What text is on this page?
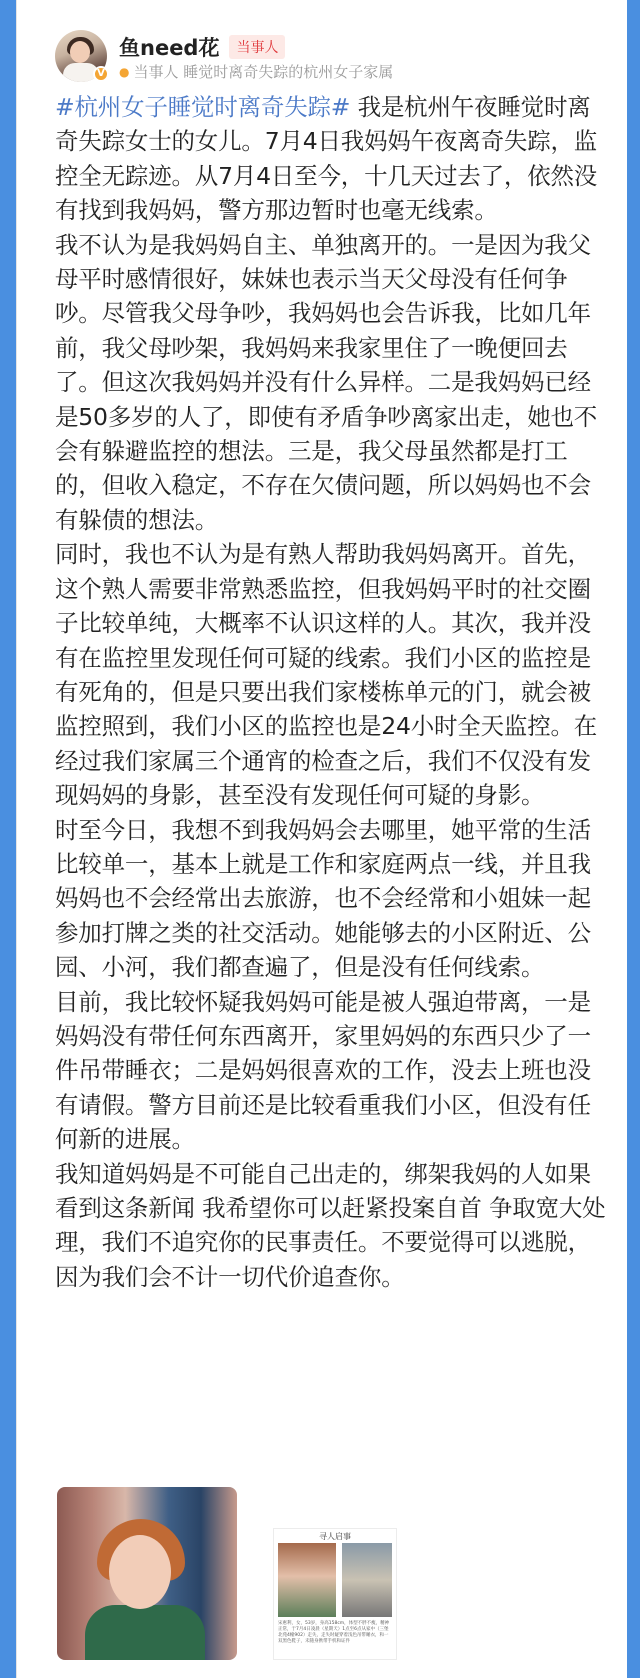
V
鱼need花	当事人
● 当事人 睡觉时离奇失踪的杭州女子家属

#杭州女子睡觉时离奇失踪# 我是杭州午夜睡觉时离奇失踪女士的女儿。7月4日我妈妈午夜离奇失踪，监控全无踪迹。从7月4日至今，十几天过去了，依然没有找到我妈妈，警方那边暂时也毫无线索。

我不认为是我妈妈自主、单独离开的。一是因为我父母平时感情很好，妹妹也表示当天父母没有任何争吵。尽管我父母争吵，我妈妈也会告诉我，比如几年前，我父母吵架，我妈妈来我家里住了一晚便回去了。但这次我妈妈并没有什么异样。二是我妈妈已经是50多岁的人了，即使有矛盾争吵离家出走，她也不会有躲避监控的想法。三是，我父母虽然都是打工的，但收入稳定，不存在欠债问题，所以妈妈也不会有躲债的想法。

同时，我也不认为是有熟人帮助我妈妈离开。首先，这个熟人需要非常熟悉监控，但我妈妈平时的社交圈子比较单纯，大概率不认识这样的人。其次，我并没有在监控里发现任何可疑的线索。我们小区的监控是有死角的，但是只要出我们家楼栋单元的门，就会被监控照到，我们小区的监控也是24小时全天监控。在经过我们家属三个通宵的检查之后，我们不仅没有发现妈妈的身影，甚至没有发现任何可疑的身影。

时至今日，我想不到我妈妈会去哪里，她平常的生活比较单一，基本上就是工作和家庭两点一线，并且我妈妈也不会经常出去旅游，也不会经常和小姐妹一起参加打牌之类的社交活动。她能够去的小区附近、公园、小河，我们都查遍了，但是没有任何线索。

目前，我比较怀疑我妈妈可能是被人强迫带离，一是妈妈没有带任何东西离开，家里妈妈的东西只少了一件吊带睡衣；二是妈妈很喜欢的工作，没去上班也没有请假。警方目前还是比较看重我们小区，但没有任何新的进展。

我知道妈妈是不可能自己出走的，绑架我妈的人如果看到这条新闻 我希望你可以赶紧投案自首 争取宽大处理，我们不追究你的民事责任。不要觉得可以逃脱，因为我们会不计一切代价追查你。

寻人启事
宋惠利，女，53岁，身高158cm，体型不胖不瘦，精神正常，于7月4日凌晨（星期天）1点至6点从家中（三堡北苑4幢902）走失，走失时疑穿着浅色吊带睡衣，和一双黑色鞋子，未随身携带手机和证件
